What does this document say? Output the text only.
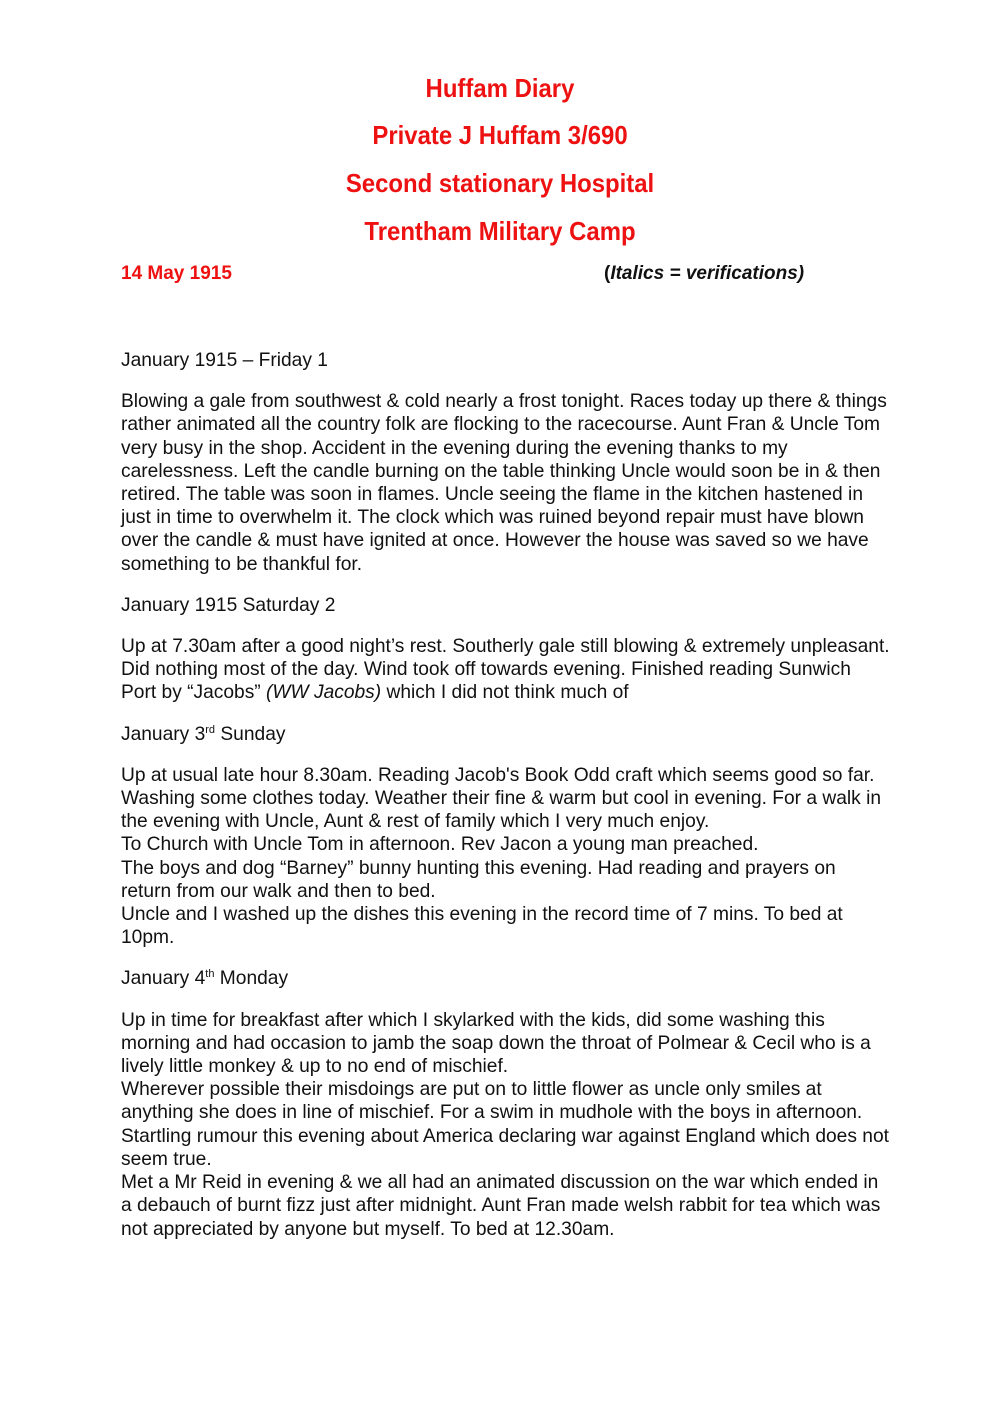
Huffam Diary
Private J Huffam 3/690
Second stationary Hospital
Trentham Military Camp
14 May 1915	(Italics = verifications)

January 1915 – Friday 1

Blowing a gale from southwest & cold nearly a frost tonight. Races today up there & things rather animated all the country folk are flocking to the racecourse. Aunt Fran & Uncle Tom very busy in the shop. Accident in the evening during the evening thanks to my carelessness. Left the candle burning on the table thinking Uncle would soon be in & then retired. The table was soon in flames. Uncle seeing the flame in the kitchen hastened in just in time to overwhelm it. The clock which was ruined beyond repair must have blown over the candle & must have ignited at once. However the house was saved so we have something to be thankful for.

January 1915 Saturday 2

Up at 7.30am after a good night’s rest. Southerly gale still blowing & extremely unpleasant. Did nothing most of the day. Wind took off towards evening. Finished reading Sunwich Port by “Jacobs” (WW Jacobs) which I did not think much of

January 3rd Sunday

Up at usual late hour 8.30am. Reading Jacob's Book Odd craft which seems good so far.
Washing some clothes today. Weather their fine & warm but cool in evening. For a walk in the evening with Uncle, Aunt & rest of family which I very much enjoy.
To Church with Uncle Tom in afternoon. Rev Jacon a young man preached.
The boys and dog “Barney” bunny hunting this evening. Had reading and prayers on return from our walk and then to bed.
Uncle and I washed up the dishes this evening in the record time of 7 mins. To bed at 10pm.

January 4th Monday

Up in time for breakfast after which I skylarked with the kids, did some washing this morning and had occasion to jamb the soap down the throat of Polmear & Cecil who is a lively little monkey & up to no end of mischief.
Wherever possible their misdoings are put on to little flower as uncle only smiles at anything she does in line of mischief. For a swim in mudhole with the boys in afternoon. Startling rumour this evening about America declaring war against England which does not seem true.
Met a Mr Reid in evening & we all had an animated discussion on the war which ended in a debauch of burnt fizz just after midnight. Aunt Fran made welsh rabbit for tea which was not appreciated by anyone but myself. To bed at 12.30am.
